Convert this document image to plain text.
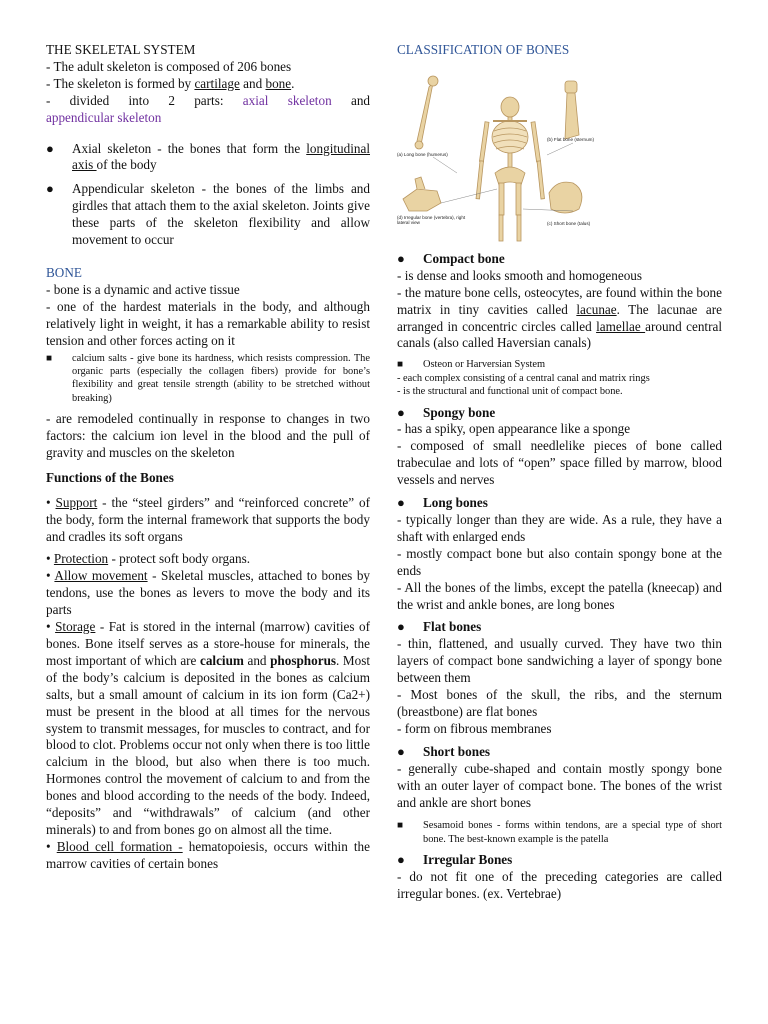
THE SKELETAL SYSTEM

- The adult skeleton is composed of 206 bones

- The skeleton is formed by cartilage and bone.

- divided into 2 parts: axial skeleton and

appendicular skeleton

●	Axial skeleton - the bones that form the longitudinal axis of the body

●	Appendicular skeleton - the bones of the limbs and girdles that attach them to the axial skeleton. Joints give these parts of the skeleton flexibility and allow movement to occur

BONE

- bone is a dynamic and active tissue

- one of the hardest materials in the body, and although relatively light in weight, it has a remarkable ability to resist tension and other forces acting on it

■	calcium salts - give bone its hardness, which resists compression. The organic parts (especially the collagen fibers) provide for bone’s flexibility and great tensile strength (ability to be stretched without breaking)

- are remodeled continually in response to changes in two factors: the calcium ion level in the blood and the pull of gravity and muscles on the skeleton

Functions of the Bones

• Support - the “steel girders” and “reinforced concrete” of the body, form the internal framework that supports the body and cradles its soft organs

• Protection - protect soft body organs.

• Allow movement - Skeletal muscles, attached to bones by tendons, use the bones as levers to move the body and its parts

• Storage - Fat is stored in the internal (marrow) cavities of bones. Bone itself serves as a store-house for minerals, the most important of which are calcium and phosphorus. Most of the body’s calcium is deposited in the bones as calcium salts, but a small amount of calcium in its ion form (Ca2+) must be present in the blood at all times for the nervous system to transmit messages, for muscles to contract, and for blood to clot. Problems occur not only when there is too little calcium in the blood, but also when there is too much. Hormones control the movement of calcium to and from the bones and blood according to the needs of the body. Indeed, “deposits” and “withdrawals” of calcium (and other minerals) to and from bones go on almost all the time.

• Blood cell formation - hematopoiesis, occurs within the marrow cavities of certain bones

CLASSIFICATION OF BONES

(a) Long bone (humerus)
(b) Flat bone (sternum)
(d) Irregular bone (vertebra), right lateral view	(c) Short bone (talus)
●	Compact bone

- is dense and looks smooth and homogeneous

- the mature bone cells, osteocytes, are found within the bone matrix in tiny cavities called lacunae. The lacunae are arranged in concentric circles called lamellae around central canals (also called Haversian canals)

■	Osteon or Harversian System

- each complex consisting of a central canal and matrix rings

- is the structural and functional unit of compact bone.

●	Spongy bone

- has a spiky, open appearance like a sponge

- composed of small needlelike pieces of bone called trabeculae and lots of “open” space filled by marrow, blood vessels and nerves

●	Long bones

- typically longer than they are wide. As a rule, they have a shaft with enlarged ends

- mostly compact bone but also contain spongy bone at the ends

- All the bones of the limbs, except the patella (kneecap) and the wrist and ankle bones, are long bones

●	Flat bones

- thin, flattened, and usually curved. They have two thin layers of compact bone sandwiching a layer of spongy bone between them

- Most bones of the skull, the ribs, and the sternum (breastbone) are flat bones

- form on fibrous membranes

●	Short bones

- generally cube-shaped and contain mostly spongy bone with an outer layer of compact bone. The bones of the wrist and ankle are short bones

■	Sesamoid bones - forms within tendons, are a special type of short bone. The best-known example is the patella

●	Irregular Bones

- do not fit one of the preceding categories are called irregular bones. (ex. Vertebrae)
